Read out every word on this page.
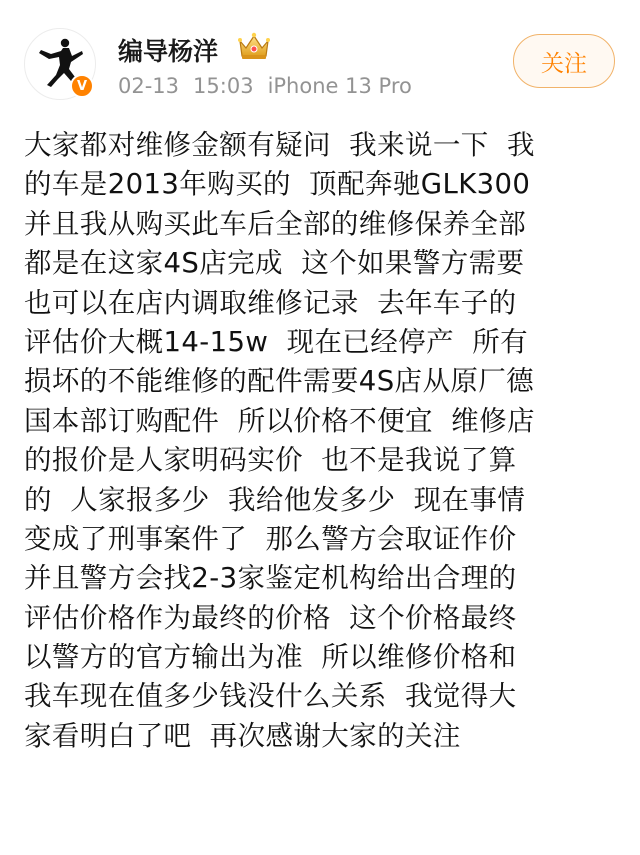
V
编导杨洋
02-13 15:03 iPhone 13 Pro
关注
大家都对维修金额有疑问  我来说一下  我
的车是2013年购买的  顶配奔驰GLK300
并且我从购买此车后全部的维修保养全部
都是在这家4S店完成  这个如果警方需要
也可以在店内调取维修记录  去年车子的
评估价大概14-15w  现在已经停产  所有
损坏的不能维修的配件需要4S店从原厂德
国本部订购配件  所以价格不便宜  维修店
的报价是人家明码实价  也不是我说了算
的  人家报多少  我给他发多少  现在事情
变成了刑事案件了  那么警方会取证作价
并且警方会找2-3家鉴定机构给出合理的
评估价格作为最终的价格  这个价格最终
以警方的官方输出为准  所以维修价格和
我车现在值多少钱没什么关系  我觉得大
家看明白了吧  再次感谢大家的关注
